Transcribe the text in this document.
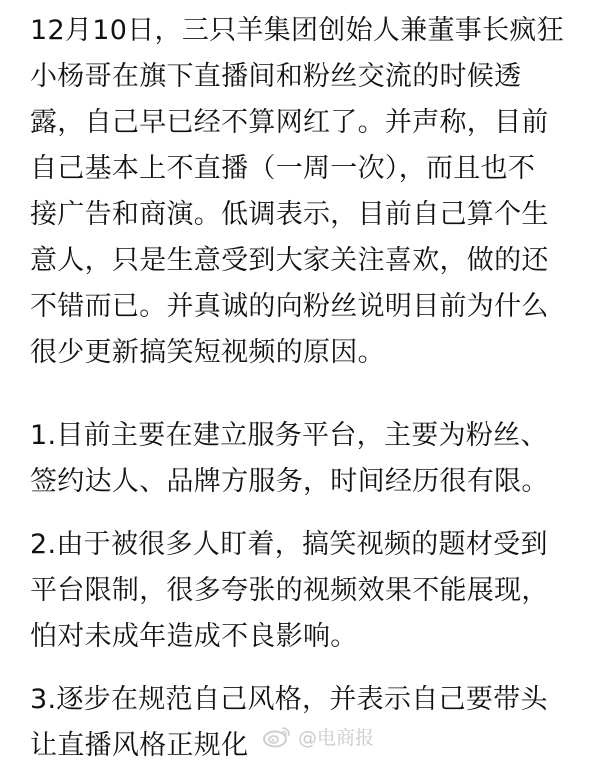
12月10日，三只羊集团创始人兼董事长疯狂
小杨哥在旗下直播间和粉丝交流的时候透
露，自己早已经不算网红了。并声称，目前
自己基本上不直播（一周一次），而且也不
接广告和商演。低调表示，目前自己算个生
意人，只是生意受到大家关注喜欢，做的还
不错而已。并真诚的向粉丝说明目前为什么
很少更新搞笑短视频的原因。
1.目前主要在建立服务平台，主要为粉丝、
签约达人、品牌方服务，时间经历很有限。
2.由于被很多人盯着，搞笑视频的题材受到
平台限制，很多夸张的视频效果不能展现，
怕对未成年造成不良影响。
3.逐步在规范自己风格，并表示自己要带头
让直播风格正规化	@电商报
